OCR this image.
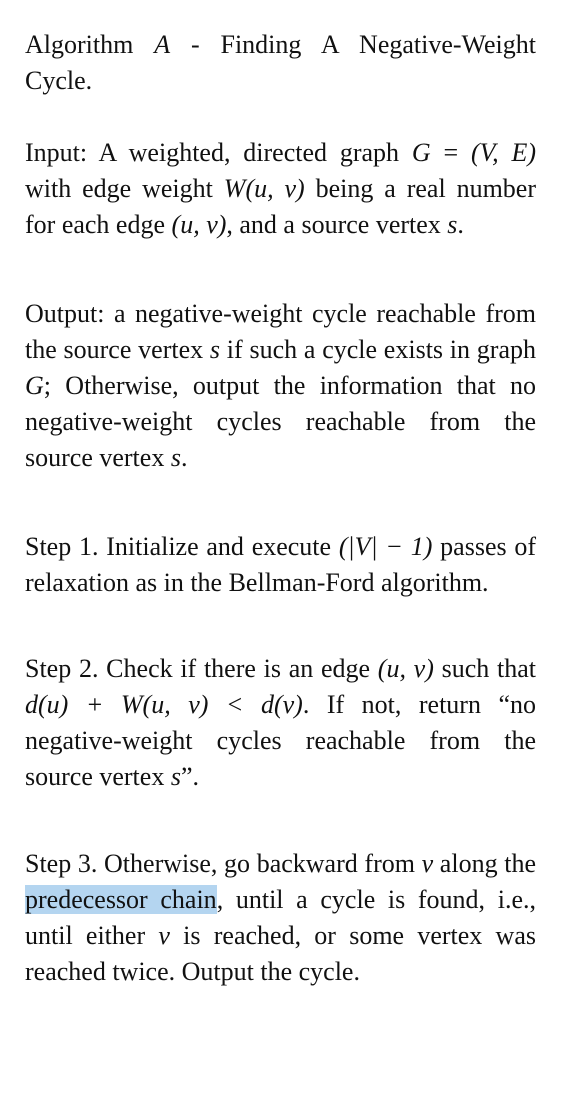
Algorithm A - Finding A Negative-Weight Cycle.

Input: A weighted, directed graph G = (V, E) with edge weight W(u, v) being a real number for each edge (u, v), and a source vertex s.

Output: a negative-weight cycle reachable from the source vertex s if such a cycle exists in graph G; Otherwise, output the information that no negative-weight cycles reachable from the source vertex s.

Step 1. Initialize and execute (|V| − 1) passes of relaxation as in the Bellman-Ford algorithm.

Step 2. Check if there is an edge (u, v) such that d(u) + W(u, v) < d(v). If not, return “no negative-weight cycles reachable from the source vertex s”.

Step 3. Otherwise, go backward from v along the predecessor chain, until a cycle is found, i.e., until either v is reached, or some vertex was reached twice. Output the cycle.
